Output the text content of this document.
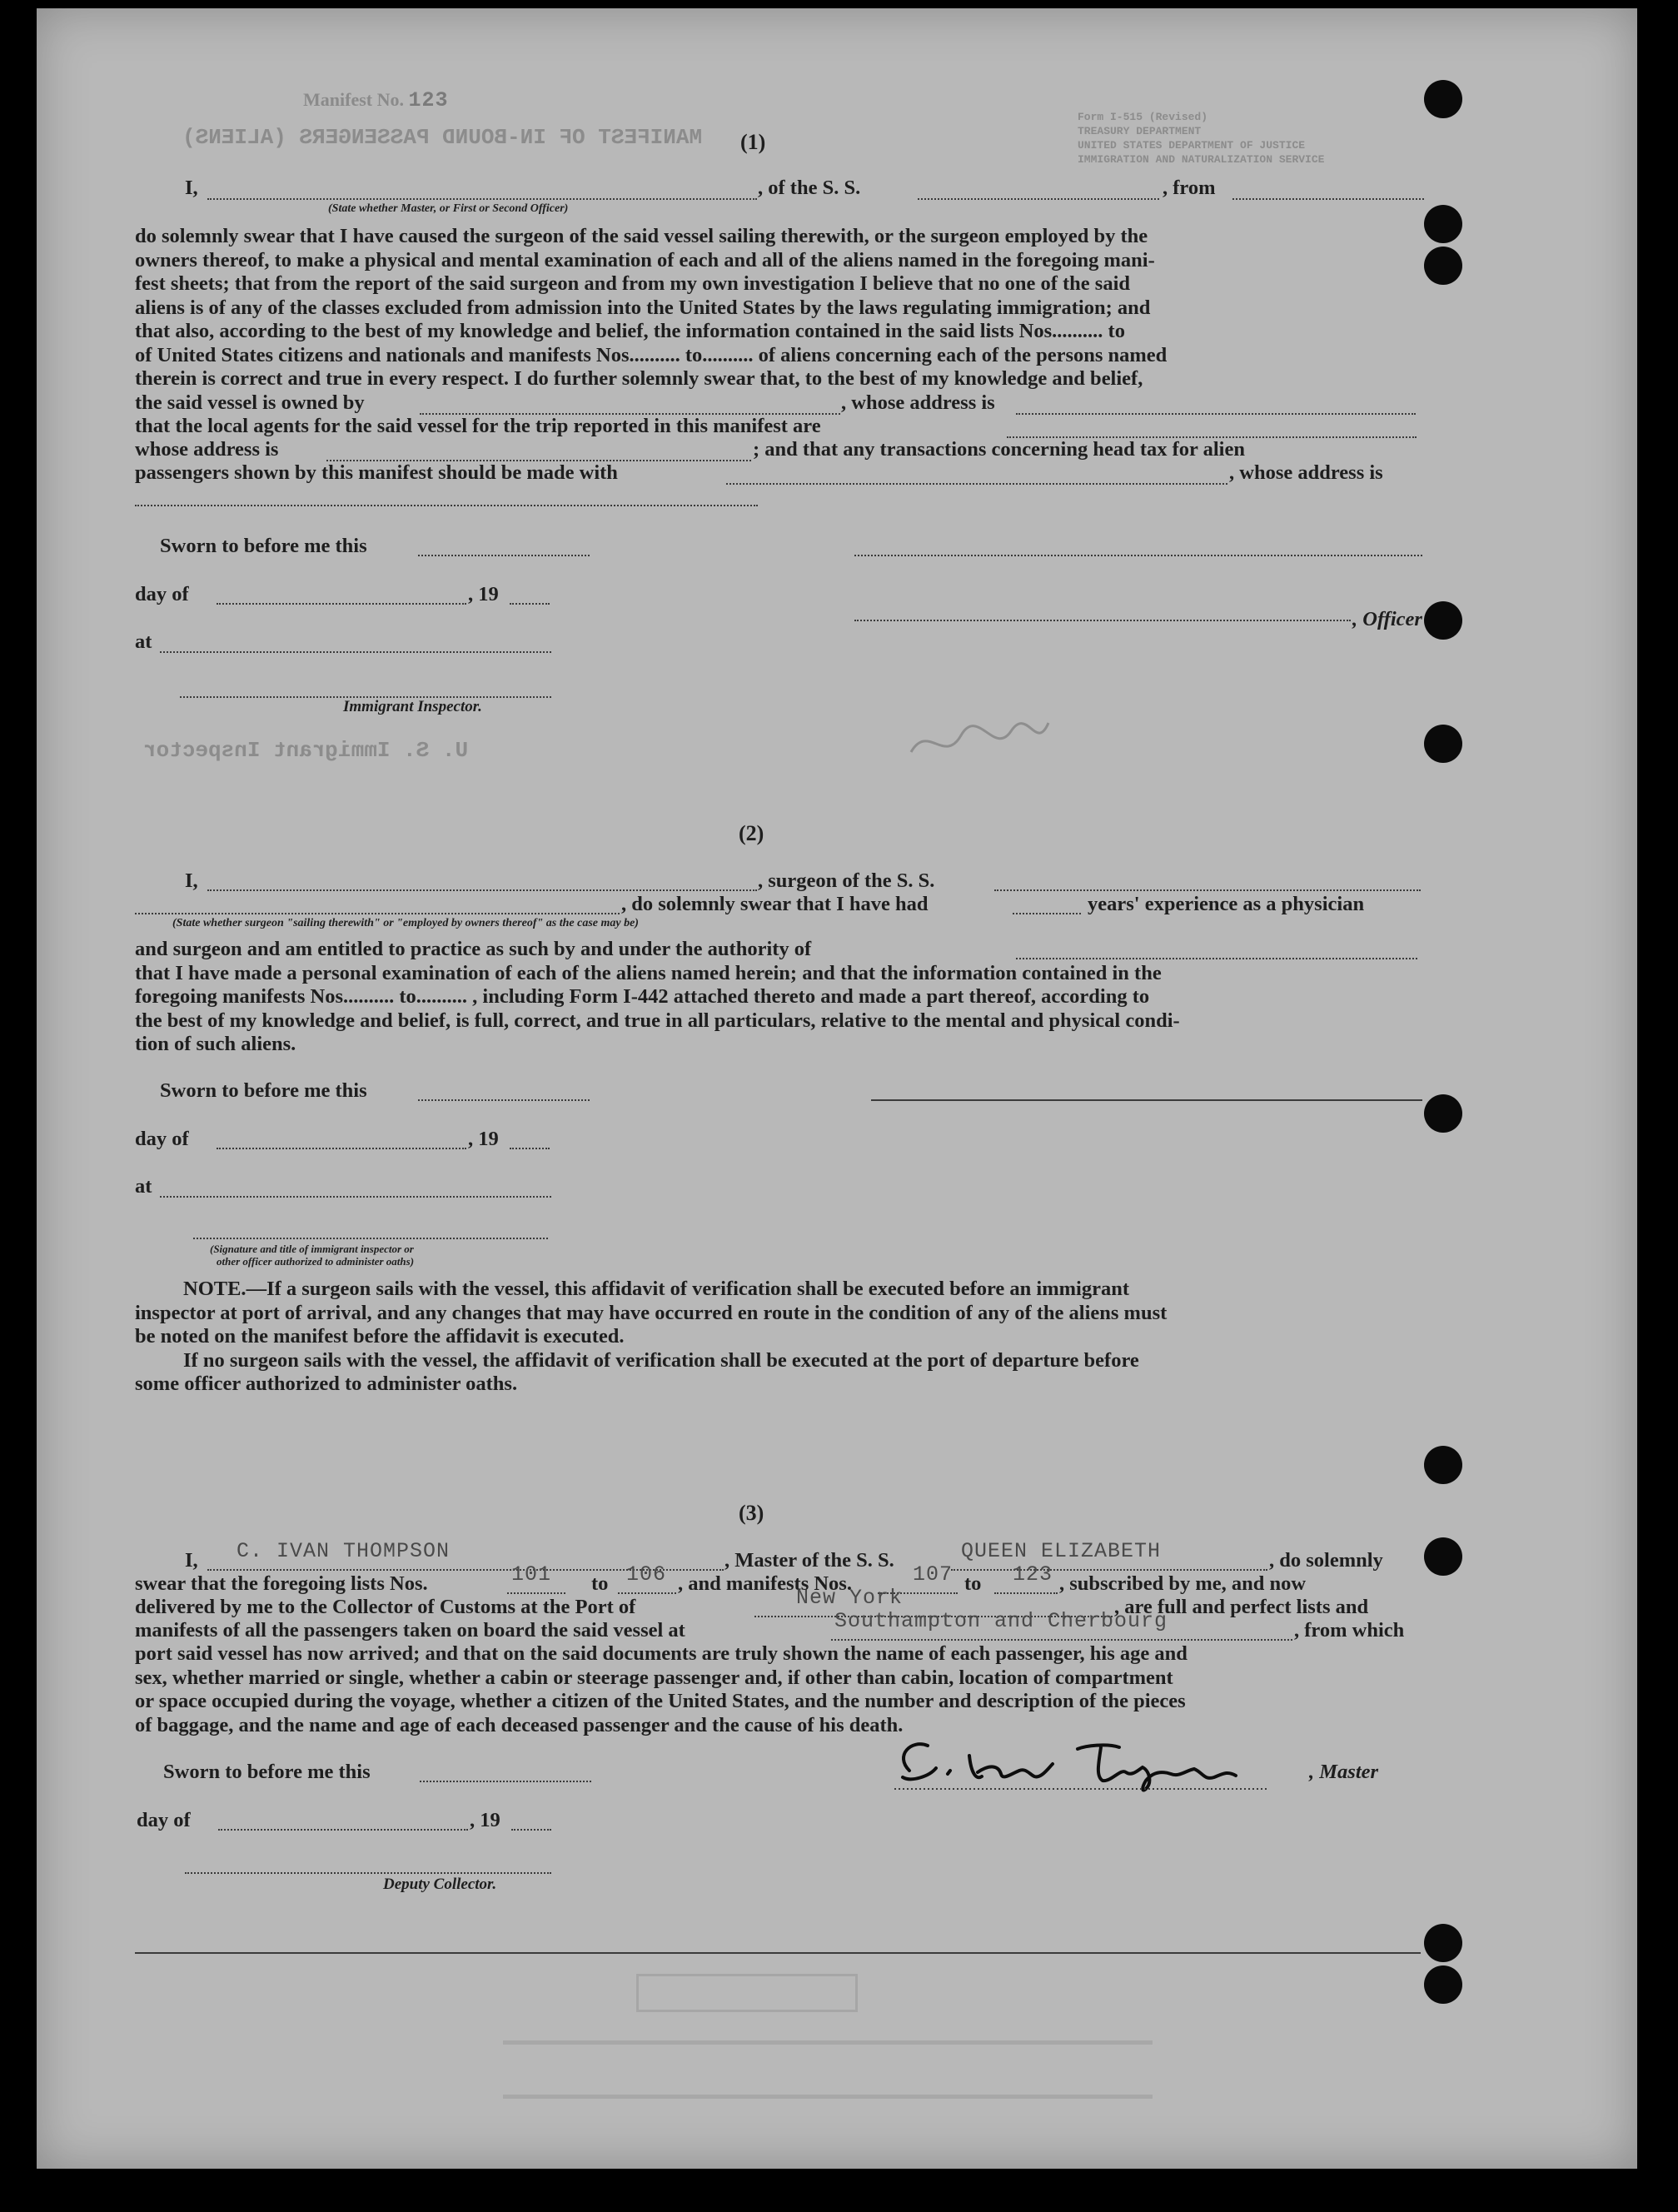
Manifest No. 123
MANIFEST OF IN-BOUND PASSENGERS (ALIENS)
Form I-515 (Revised)
TREASURY DEPARTMENT
UNITED STATES DEPARTMENT OF JUSTICE
IMMIGRATION AND NATURALIZATION SERVICE
(1)
I,	, of the S. S.	, from
(State whether Master, or First or Second Officer)
do solemnly swear that I have caused the surgeon of the said vessel sailing therewith, or the surgeon employed by the
owners thereof, to make a physical and mental examination of each and all of the aliens named in the foregoing mani-
fest sheets; that from the report of the said surgeon and from my own investigation I believe that no one of the said
aliens is of any of the classes excluded from admission into the United States by the laws regulating immigration; and
that also, according to the best of my knowledge and belief, the information contained in the said lists Nos.......... to
of United States citizens and nationals and manifests Nos.......... to.......... of aliens concerning each of the persons named
therein is correct and true in every respect. I do further solemnly swear that, to the best of my knowledge and belief,
the said vessel is owned by	, whose address is
that the local agents for the said vessel for the trip reported in this manifest are
whose address is	; and that any transactions concerning head tax for alien
passengers shown by this manifest should be made with	, whose address is
Sworn to before me this
day of	, 19
, Officer
at
Immigrant Inspector.
U. S. Immigrant Inspector
(2)
I,	, surgeon of the S. S.
, do solemnly swear that I have had	years' experience as a physician
(State whether surgeon "sailing therewith" or "employed by owners thereof" as the case may be)
and surgeon and am entitled to practice as such by and under the authority of
that I have made a personal examination of each of the aliens named herein; and that the information contained in the
foregoing manifests Nos.......... to.......... , including Form I-442 attached thereto and made a part thereof, according to
the best of my knowledge and belief, is full, correct, and true in all particulars, relative to the mental and physical condi-
tion of such aliens.
Sworn to before me this
day of	, 19
at
(Signature and title of immigrant inspector or
other officer authorized to administer oaths)
NOTE.—If a surgeon sails with the vessel, this affidavit of verification shall be executed before an immigrant
inspector at port of arrival, and any changes that may have occurred en route in the condition of any of the aliens must
be noted on the manifest before the affidavit is executed.
If no surgeon sails with the vessel, the affidavit of verification shall be executed at the port of departure before
some officer authorized to administer oaths.
(3)
I, C. IVAN THOMPSON	, Master of the S. S.	QUEEN ELIZABETH	, do solemnly
swear that the foregoing lists Nos.	101 to 106 , and manifests Nos.	107 to 123 , subscribed by me, and now
delivered by me to the Collector of Customs at the Port of	New York	, are full and perfect lists and
manifests of all the passengers taken on board the said vessel at	Southampton and Cherbourg	, from which
port said vessel has now arrived; and that on the said documents are truly shown the name of each passenger, his age and
sex, whether married or single, whether a cabin or steerage passenger and, if other than cabin, location of compartment
or space occupied during the voyage, whether a citizen of the United States, and the number and description of the pieces
of baggage, and the name and age of each deceased passenger and the cause of his death.
Sworn to before me this	, Master
day of	, 19
Deputy Collector.
